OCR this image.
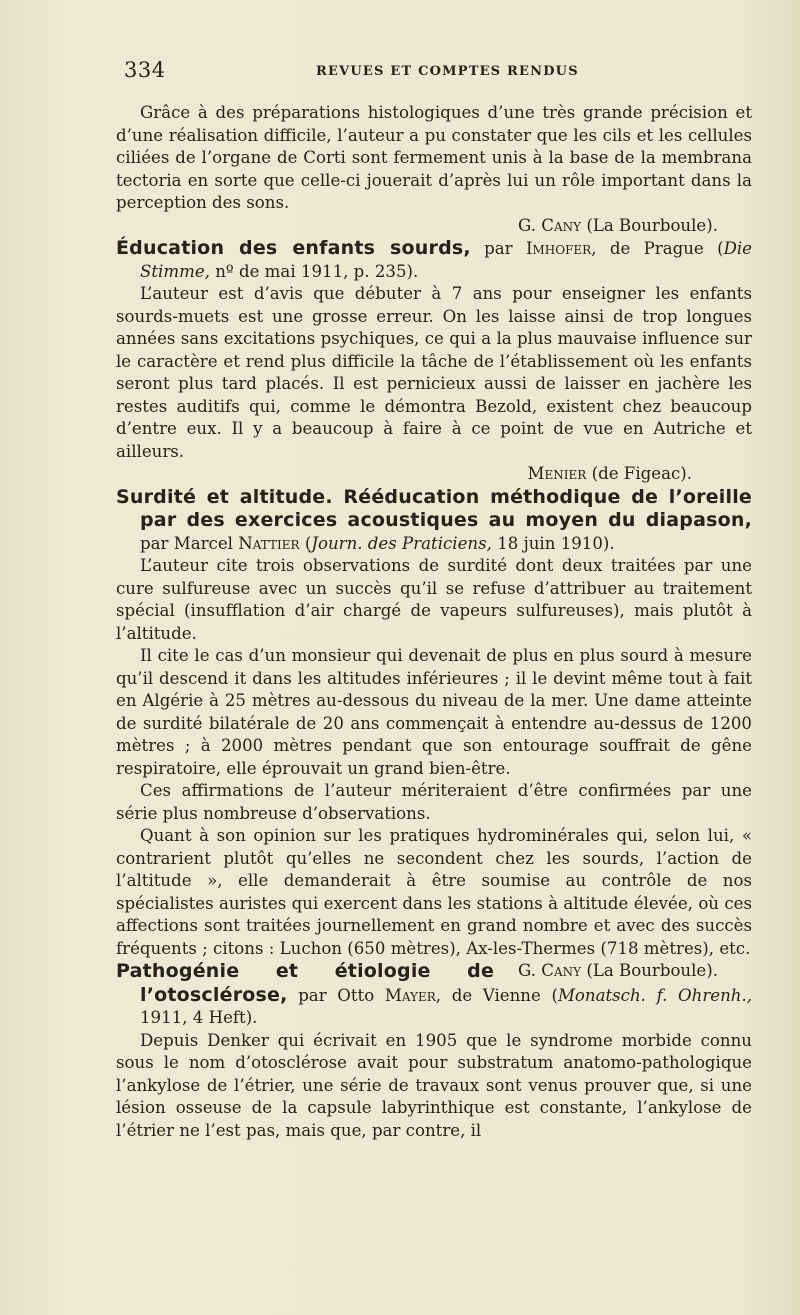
334	REVUES ET COMPTES RENDUS

Grâce à des préparations histologiques d’une très grande précision et d’une réalisation difficile, l’auteur a pu constater que les cils et les cellules ciliées de l’organe de Corti sont fermement unis à la base de la membrana tectoria en sorte que celle-ci jouerait d’après lui un rôle important dans la perception des sons.

G. Cany (La Bourboule).

Éducation des enfants sourds, par Imhofer, de Prague (Die Stimme, nº de mai 1911, p. 235).

L’auteur est d’avis que débuter à 7 ans pour enseigner les enfants sourds-muets est une grosse erreur. On les laisse ainsi de trop longues années sans excitations psychiques, ce qui a la plus mauvaise influence sur le caractère et rend plus difficile la tâche de l’établissement où les enfants seront plus tard placés. Il est pernicieux aussi de laisser en jachère les restes auditifs qui, comme le démontra Bezold, existent chez beaucoup d’entre eux. Il y a beaucoup à faire à ce point de vue en Autriche et ailleurs.

Menier (de Figeac).

Surdité et altitude. Rééducation méthodique de l’oreille par des exercices acoustiques au moyen du diapason, par Marcel Nattier (Journ. des Praticiens, 18 juin 1910).

L’auteur cite trois observations de surdité dont deux traitées par une cure sulfureuse avec un succès qu’il se refuse d’attribuer au traitement spécial (insufflation d’air chargé de vapeurs sulfureuses), mais plutôt à l’altitude.

Il cite le cas d’un monsieur qui devenait de plus en plus sourd à mesure qu’il descend it dans les altitudes inférieures ; il le devint même tout à fait en Algérie à 25 mètres au-dessous du niveau de la mer. Une dame atteinte de surdité bilatérale de 20 ans commençait à entendre au-dessus de 1200 mètres ; à 2000 mètres pendant que son entourage souffrait de gêne respiratoire, elle éprouvait un grand bien-être.

Ces affirmations de l’auteur mériteraient d’être confirmées par une série plus nombreuse d’observations.

Quant à son opinion sur les pratiques hydrominérales qui, selon lui, « contrarient plutôt qu’elles ne secondent chez les sourds, l’action de l’altitude », elle demanderait à être soumise au contrôle de nos spécialistes auristes qui exercent dans les stations à altitude élevée, où ces affections sont traitées journellement en grand nombre et avec des succès fréquents ; citons : Luchon (650 mètres), Ax-les-Thermes (718 mètres), etc.
G. Cany (La Bourboule).

Pathogénie et étiologie de l’otosclérose, par Otto Mayer, de Vienne (Monatsch. f. Ohrenh., 1911, 4 Heft).

Depuis Denker qui écrivait en 1905 que le syndrome morbide connu sous le nom d’otosclérose avait pour substratum anatomo-pathologique l’ankylose de l’étrier, une série de travaux sont venus prouver que, si une lésion osseuse de la capsule labyrinthique est constante, l’ankylose de l’étrier ne l’est pas, mais que, par contre, il
